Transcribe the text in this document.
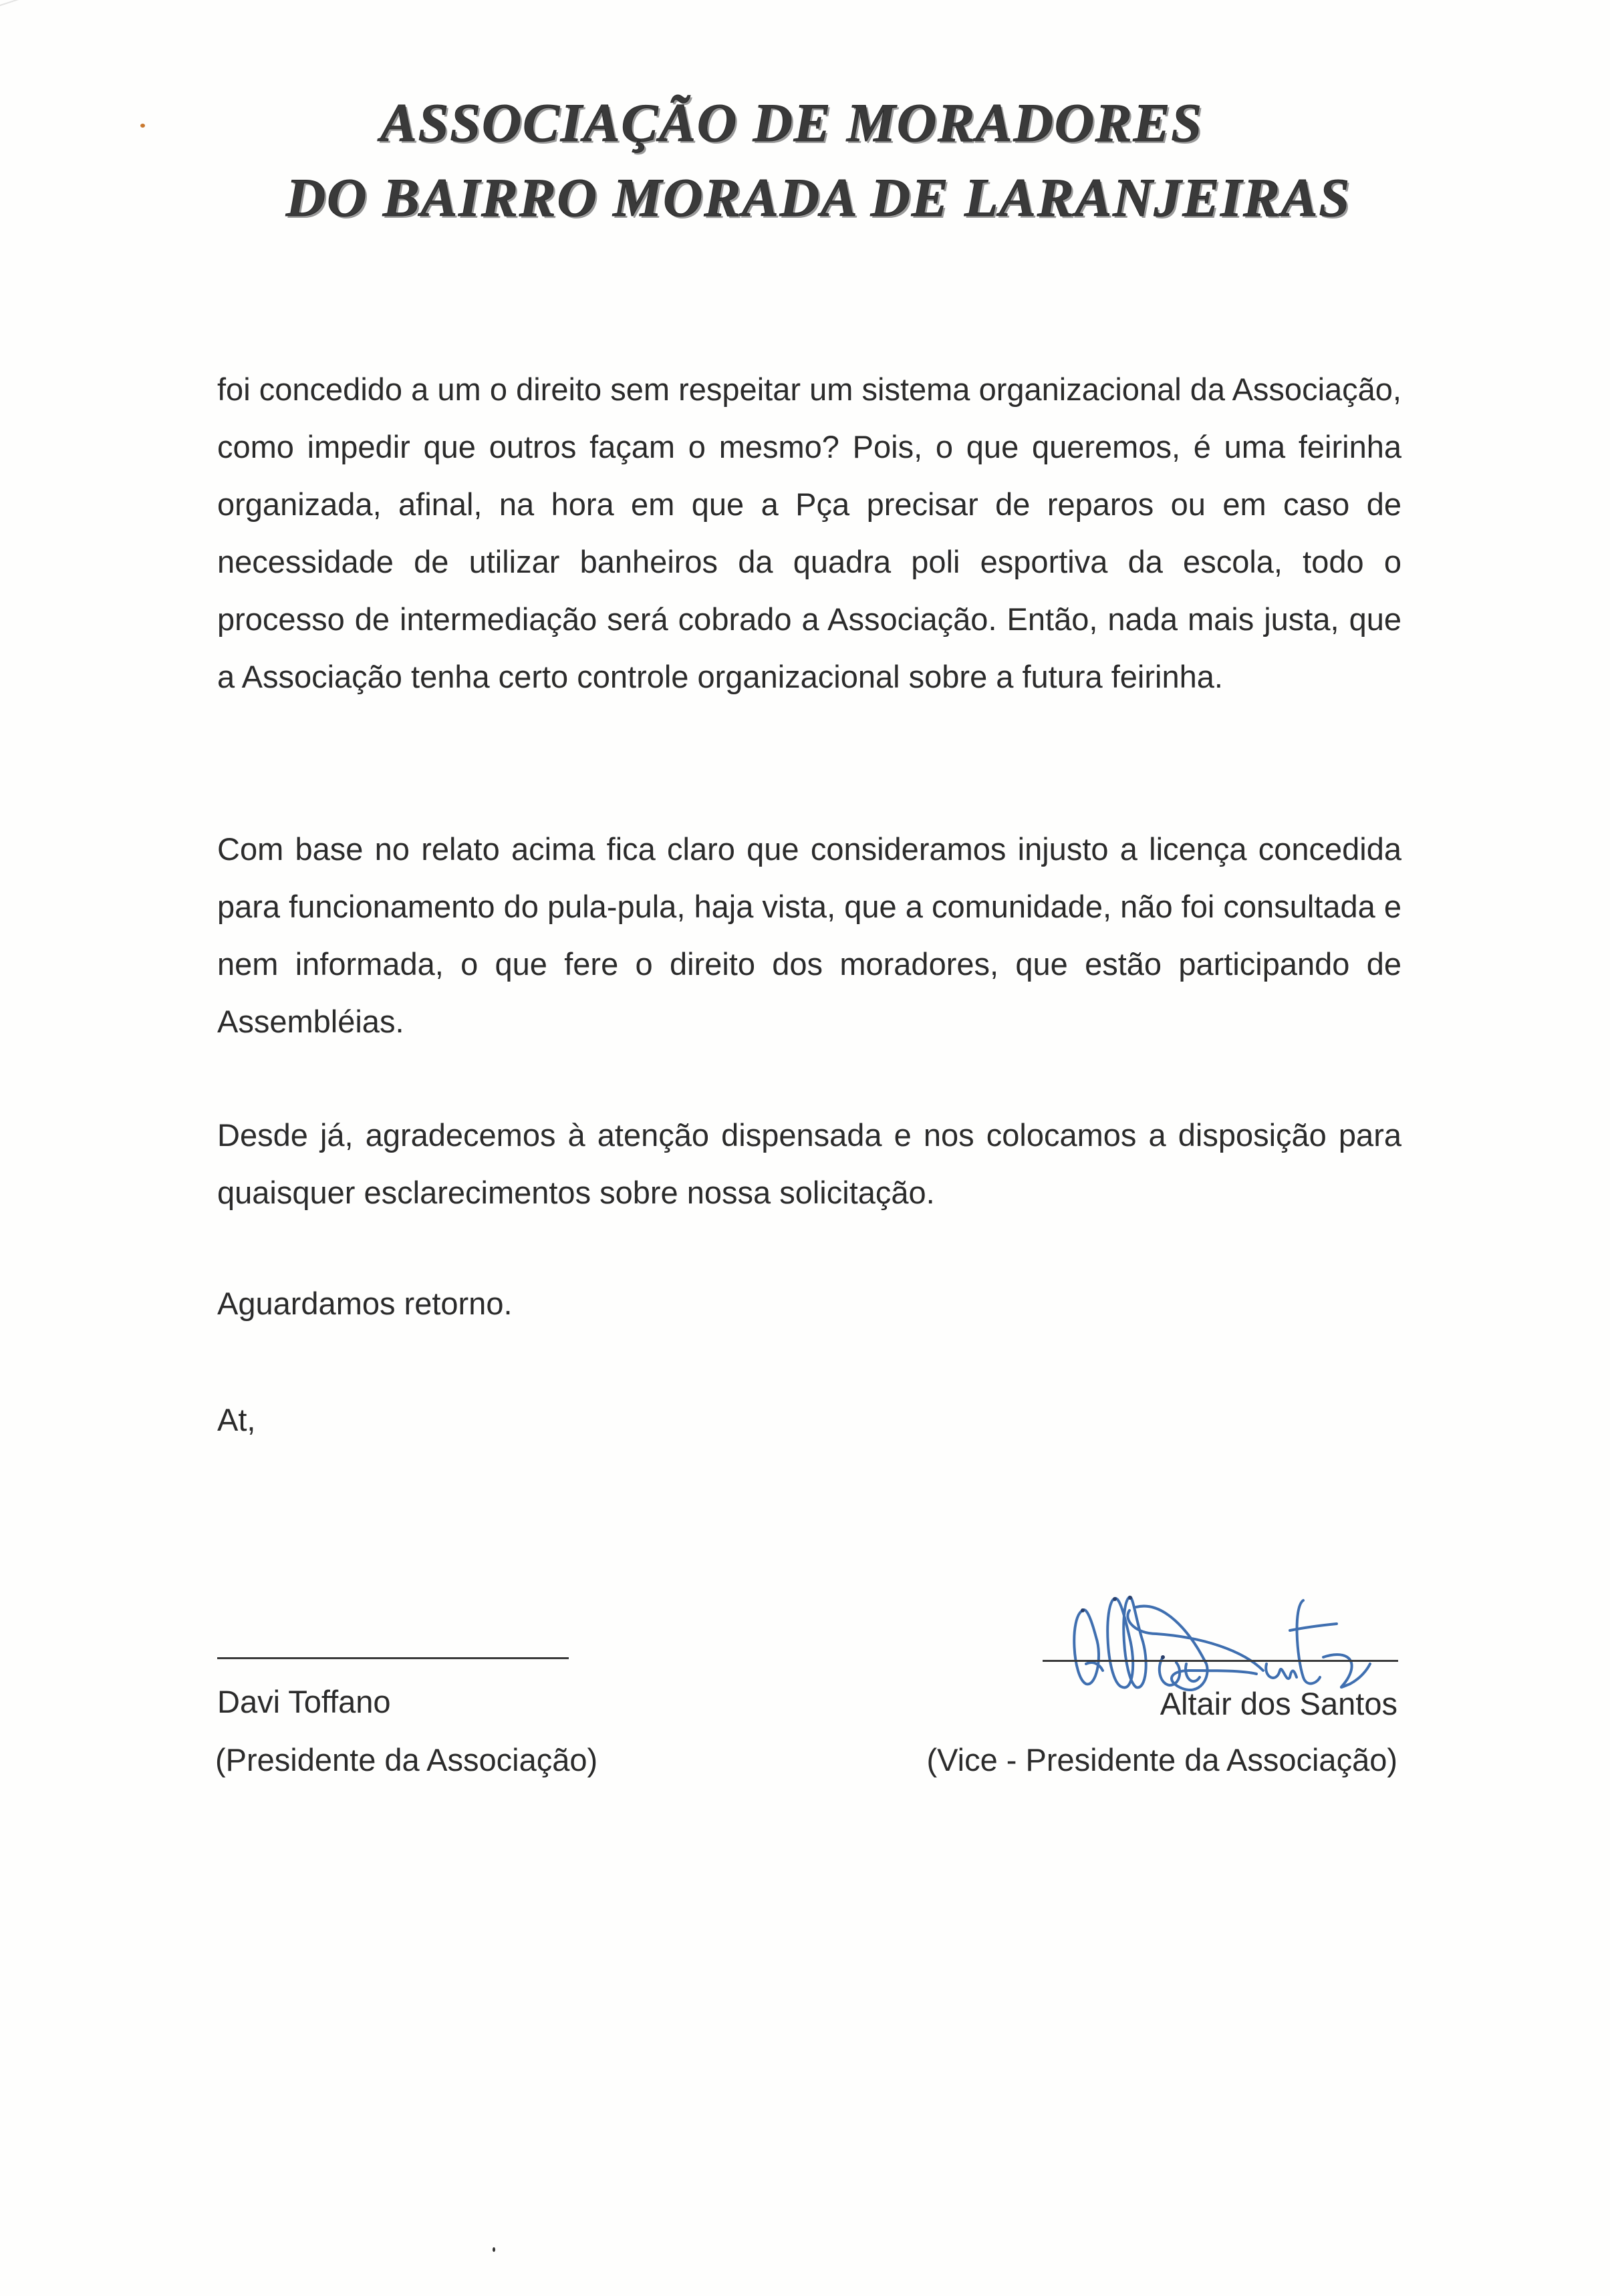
ASSOCIAÇÃO DE MORADORES
DO BAIRRO MORADA DE LARANJEIRAS

foi concedido a um o direito sem respeitar um sistema organizacional da Associação, como impedir que outros façam o mesmo? Pois, o que queremos, é uma feirinha organizada, afinal, na hora em que a Pça precisar de reparos ou em caso de necessidade de utilizar banheiros da quadra poli esportiva da escola, todo o processo de intermediação será cobrado a Associação. Então, nada mais justa, que a Associação tenha certo controle organizacional sobre a futura feirinha.

Com base no relato acima fica claro que consideramos injusto a licença concedida para funcionamento do pula-pula, haja vista, que a comunidade, não foi consultada e nem informada, o que fere o direito dos moradores, que estão participando de Assembléias.

Desde já, agradecemos à atenção dispensada e nos colocamos a disposição para quaisquer esclarecimentos sobre nossa solicitação.

Aguardamos retorno.

At,

Davi Toffano
(Presidente da Associação)
Altair dos Santos
(Vice - Presidente da Associação)
